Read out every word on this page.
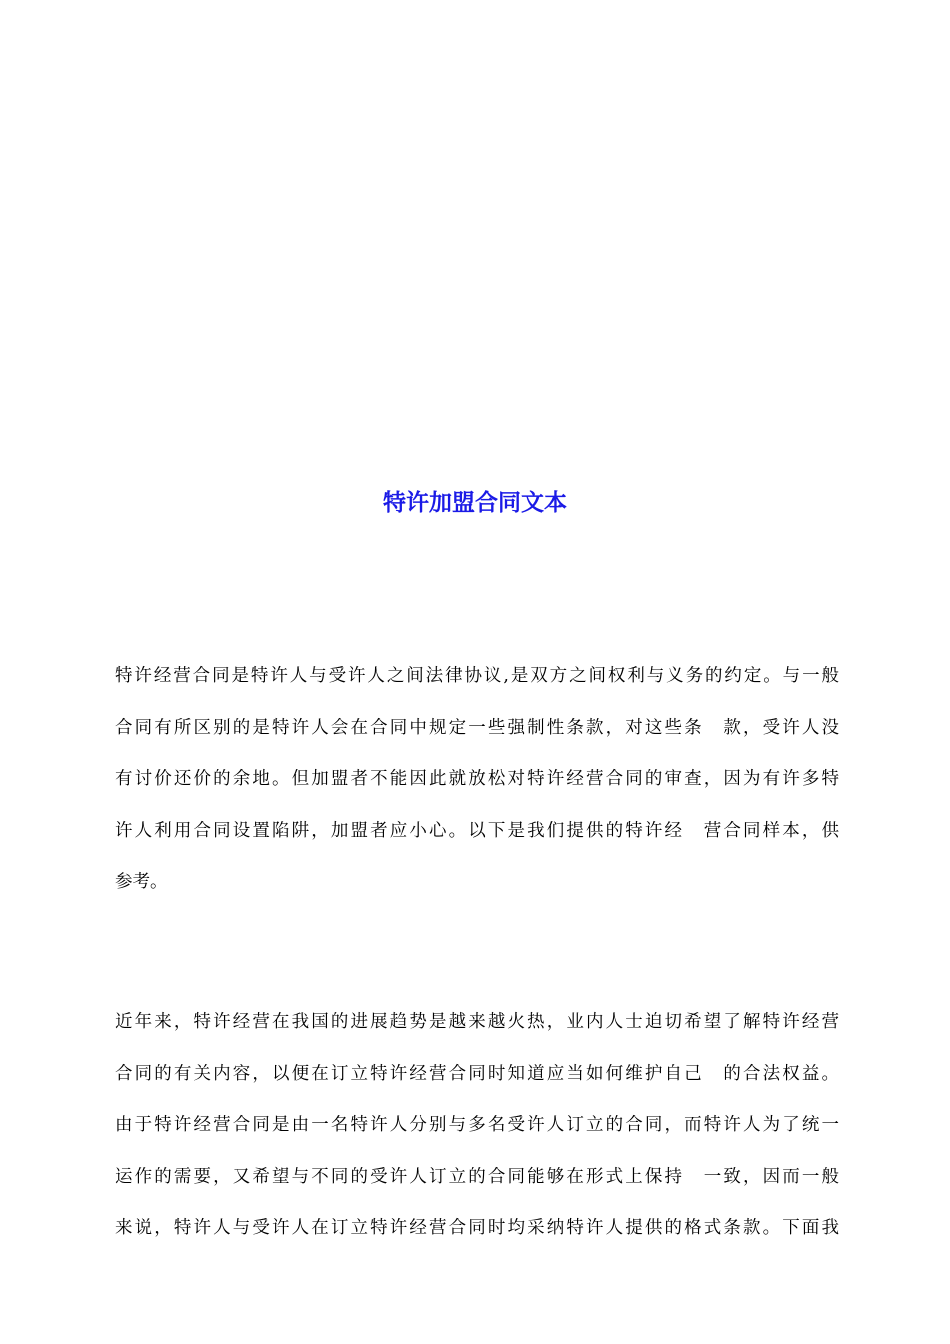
特许加盟合同文本
特许经营合同是特许人与受许人之间法律协议,是双方之间权利与义务的约定。与一般
合同有所区别的是特许人会在合同中规定一些强制性条款，对这些条　款，受许人没
有讨价还价的余地。但加盟者不能因此就放松对特许经营合同的审查，因为有许多特
许人利用合同设置陷阱，加盟者应小心。以下是我们提供的特许经　营合同样本，供
参考。
近年来，特许经营在我国的进展趋势是越来越火热，业内人士迫切希望了解特许经营
合同的有关内容，以便在订立特许经营合同时知道应当如何维护自己　的合法权益。
由于特许经营合同是由一名特许人分别与多名受许人订立的合同，而特许人为了统一
运作的需要，又希望与不同的受许人订立的合同能够在形式上保持　一致，因而一般
来说，特许人与受许人在订立特许经营合同时均采纳特许人提供的格式条款。下面我
